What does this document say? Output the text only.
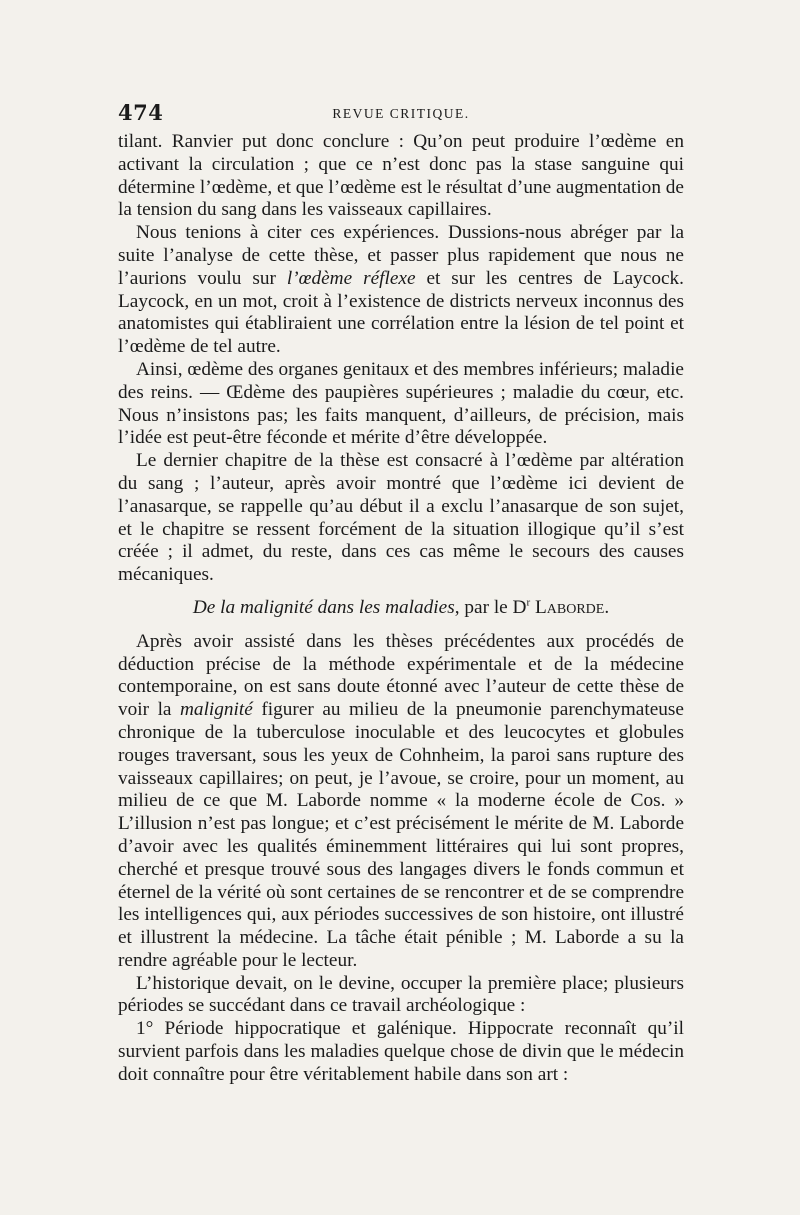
474	REVUE CRITIQUE.

tilant. Ranvier put donc conclure : Qu’on peut produire l’œdème en activant la circulation ; que ce n’est donc pas la stase sanguine qui détermine l’œdème, et que l’œdème est le résultat d’une augmentation de la tension du sang dans les vaisseaux capillaires.

Nous tenions à citer ces expériences. Dussions-nous abréger par la suite l’analyse de cette thèse, et passer plus rapidement que nous ne l’aurions voulu sur l’œdème réflexe et sur les centres de Laycock. Laycock, en un mot, croit à l’existence de districts nerveux inconnus des anatomistes qui établiraient une corrélation entre la lésion de tel point et l’œdème de tel autre.

Ainsi, œdème des organes genitaux et des membres inférieurs; maladie des reins. — Œdème des paupières supérieures ; maladie du cœur, etc. Nous n’insistons pas; les faits manquent, d’ailleurs, de précision, mais l’idée est peut-être féconde et mérite d’être développée.

Le dernier chapitre de la thèse est consacré à l’œdème par altération du sang ; l’auteur, après avoir montré que l’œdème ici devient de l’anasarque, se rappelle qu’au début il a exclu l’anasarque de son sujet, et le chapitre se ressent forcément de la situation illogique qu’il s’est créée ; il admet, du reste, dans ces cas même le secours des causes mécaniques.

De la malignité dans les maladies, par le $D^r$ Laborde.

Après avoir assisté dans les thèses précédentes aux procédés de déduction précise de la méthode expérimentale et de la médecine contemporaine, on est sans doute étonné avec l’auteur de cette thèse de voir la malignité figurer au milieu de la pneumonie parenchymateuse chronique de la tuberculose inoculable et des leucocytes et globules rouges traversant, sous les yeux de Cohnheim, la paroi sans rupture des vaisseaux capillaires; on peut, je l’avoue, se croire, pour un moment, au milieu de ce que M. Laborde nomme « la moderne école de Cos. » L’illusion n’est pas longue; et c’est précisément le mérite de M. Laborde d’avoir avec les qualités éminemment littéraires qui lui sont propres, cherché et presque trouvé sous des langages divers le fonds commun et éternel de la vérité où sont certaines de se rencontrer et de se comprendre les intelligences qui, aux périodes successives de son histoire, ont illustré et illustrent la médecine. La tâche était pénible ; M. Laborde a su la rendre agréable pour le lecteur.

L’historique devait, on le devine, occuper la première place; plusieurs périodes se succédant dans ce travail archéologique :

1° Période hippocratique et galénique. Hippocrate reconnaît qu’il survient parfois dans les maladies quelque chose de divin que le médecin doit connaître pour être véritablement habile dans son art :
